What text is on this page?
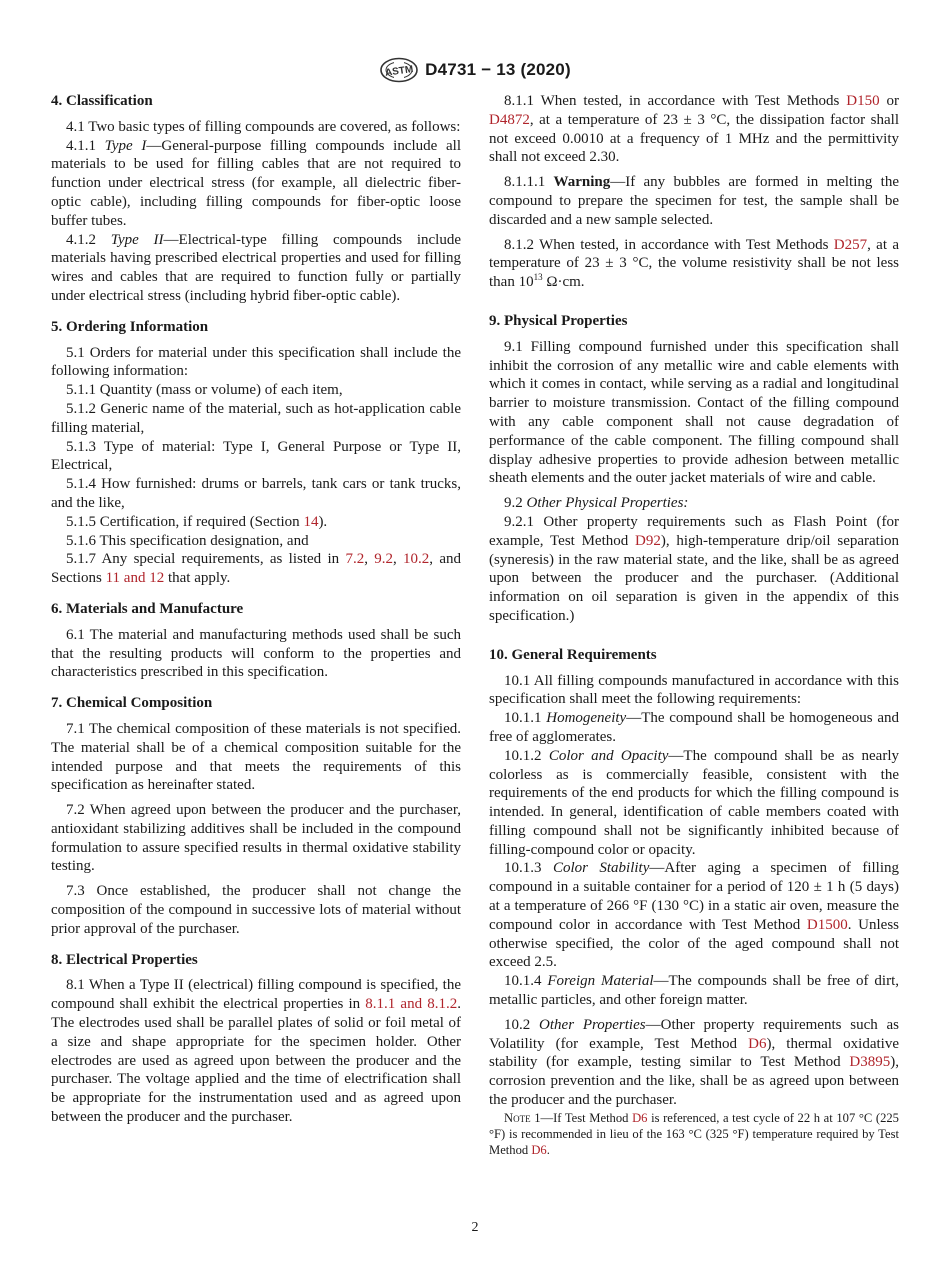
ASTM D4731 − 13 (2020)
4. Classification

4.1 Two basic types of filling compounds are covered, as follows:

4.1.1 Type I—General-purpose filling compounds include all materials to be used for filling cables that are not required to function under electrical stress (for example, all dielectric fiber-optic cable), including filling compounds for fiber-optic loose buffer tubes.

4.1.2 Type II—Electrical-type filling compounds include materials having prescribed electrical properties and used for filling wires and cables that are required to function fully or partially under electrical stress (including hybrid fiber-optic cable).

5. Ordering Information

5.1 Orders for material under this specification shall include the following information:

5.1.1 Quantity (mass or volume) of each item,

5.1.2 Generic name of the material, such as hot-application cable filling material,

5.1.3 Type of material: Type I, General Purpose or Type II, Electrical,

5.1.4 How furnished: drums or barrels, tank cars or tank trucks, and the like,

5.1.5 Certification, if required (Section 14).

5.1.6 This specification designation, and

5.1.7 Any special requirements, as listed in 7.2, 9.2, 10.2, and Sections 11 and 12 that apply.

6. Materials and Manufacture

6.1 The material and manufacturing methods used shall be such that the resulting products will conform to the properties and characteristics prescribed in this specification.

7. Chemical Composition

7.1 The chemical composition of these materials is not specified. The material shall be of a chemical composition suitable for the intended purpose and that meets the requirements of this specification as hereinafter stated.

7.2 When agreed upon between the producer and the purchaser, antioxidant stabilizing additives shall be included in the compound formulation to assure specified results in thermal oxidative stability testing.

7.3 Once established, the producer shall not change the composition of the compound in successive lots of material without prior approval of the purchaser.

8. Electrical Properties

8.1 When a Type II (electrical) filling compound is specified, the compound shall exhibit the electrical properties in 8.1.1 and 8.1.2. The electrodes used shall be parallel plates of solid or foil metal of a size and shape appropriate for the specimen holder. Other electrodes are used as agreed upon between the producer and the purchaser. The voltage applied and the time of electrification shall be appropriate for the instrumentation used and as agreed upon between the producer and the purchaser.

8.1.1 When tested, in accordance with Test Methods D150 or D4872, at a temperature of 23 ± 3 °C, the dissipation factor shall not exceed 0.0010 at a frequency of 1 MHz and the permittivity shall not exceed 2.30.

8.1.1.1 Warning—If any bubbles are formed in melting the compound to prepare the specimen for test, the sample shall be discarded and a new sample selected.

8.1.2 When tested, in accordance with Test Methods D257, at a temperature of 23 ± 3 °C, the volume resistivity shall be not less than $10^{13}$ Ω·cm.

9. Physical Properties

9.1 Filling compound furnished under this specification shall inhibit the corrosion of any metallic wire and cable elements with which it comes in contact, while serving as a radial and longitudinal barrier to moisture transmission. Contact of the filling compound with any cable component shall not cause degradation of performance of the cable component. The filling compound shall display adhesive properties to provide adhesion between metallic sheath elements and the outer jacket materials of wire and cable.

9.2 Other Physical Properties:

9.2.1 Other property requirements such as Flash Point (for example, Test Method D92), high-temperature drip/oil separation (syneresis) in the raw material state, and the like, shall be as agreed upon between the producer and the purchaser. (Additional information on oil separation is given in the appendix of this specification.)

10. General Requirements

10.1 All filling compounds manufactured in accordance with this specification shall meet the following requirements:

10.1.1 Homogeneity—The compound shall be homogeneous and free of agglomerates.

10.1.2 Color and Opacity—The compound shall be as nearly colorless as is commercially feasible, consistent with the requirements of the end products for which the filling compound is intended. In general, identification of cable members coated with filling compound shall not be significantly inhibited because of filling-compound color or opacity.

10.1.3 Color Stability—After aging a specimen of filling compound in a suitable container for a period of 120 ± 1 h (5 days) at a temperature of 266 °F (130 °C) in a static air oven, measure the compound color in accordance with Test Method D1500. Unless otherwise specified, the color of the aged compound shall not exceed 2.5.

10.1.4 Foreign Material—The compounds shall be free of dirt, metallic particles, and other foreign matter.

10.2 Other Properties—Other property requirements such as Volatility (for example, Test Method D6), thermal oxidative stability (for example, testing similar to Test Method D3895), corrosion prevention and the like, shall be as agreed upon between the producer and the purchaser.

Note 1—If Test Method D6 is referenced, a test cycle of 22 h at 107 °C (225 °F) is recommended in lieu of the 163 °C (325 °F) temperature required by Test Method D6.

2
